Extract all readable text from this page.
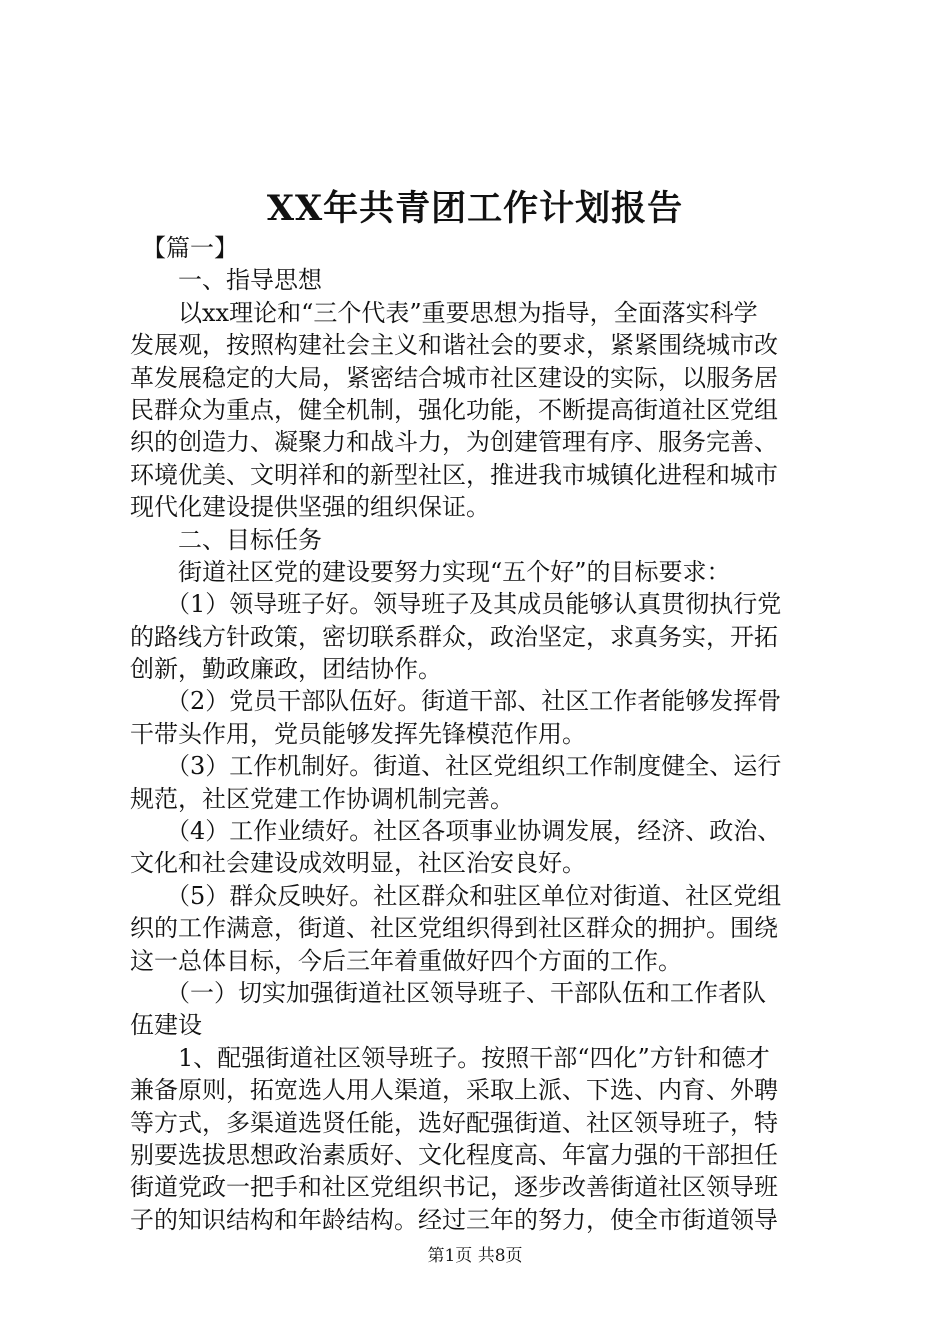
XX年共青团工作计划报告
　【篇一】
　　一、指导思想
　　以xx理论和“三个代表”重要思想为指导，全面落实科学
发展观，按照构建社会主义和谐社会的要求，紧紧围绕城市改
革发展稳定的大局，紧密结合城市社区建设的实际，以服务居
民群众为重点，健全机制，强化功能，不断提高街道社区党组
织的创造力、凝聚力和战斗力，为创建管理有序、服务完善、
环境优美、文明祥和的新型社区，推进我市城镇化进程和城市
现代化建设提供坚强的组织保证。
　　二、目标任务
　　街道社区党的建设要努力实现“五个好”的目标要求：
　　（1）领导班子好。领导班子及其成员能够认真贯彻执行党
的路线方针政策，密切联系群众，政治坚定，求真务实，开拓
创新，勤政廉政，团结协作。
　　（2）党员干部队伍好。街道干部、社区工作者能够发挥骨
干带头作用，党员能够发挥先锋模范作用。
　　（3）工作机制好。街道、社区党组织工作制度健全、运行
规范，社区党建工作协调机制完善。
　　（4）工作业绩好。社区各项事业协调发展，经济、政治、
文化和社会建设成效明显，社区治安良好。
　　（5）群众反映好。社区群众和驻区单位对街道、社区党组
织的工作满意，街道、社区党组织得到社区群众的拥护。围绕
这一总体目标，今后三年着重做好四个方面的工作。
　　（一）切实加强街道社区领导班子、干部队伍和工作者队
伍建设
　　1、配强街道社区领导班子。按照干部“四化”方针和德才
兼备原则，拓宽选人用人渠道，采取上派、下选、内育、外聘
等方式，多渠道选贤任能，选好配强街道、社区领导班子，特
别要选拔思想政治素质好、文化程度高、年富力强的干部担任
街道党政一把手和社区党组织书记，逐步改善街道社区领导班
子的知识结构和年龄结构。经过三年的努力，使全市街道领导
第1页 共8页
